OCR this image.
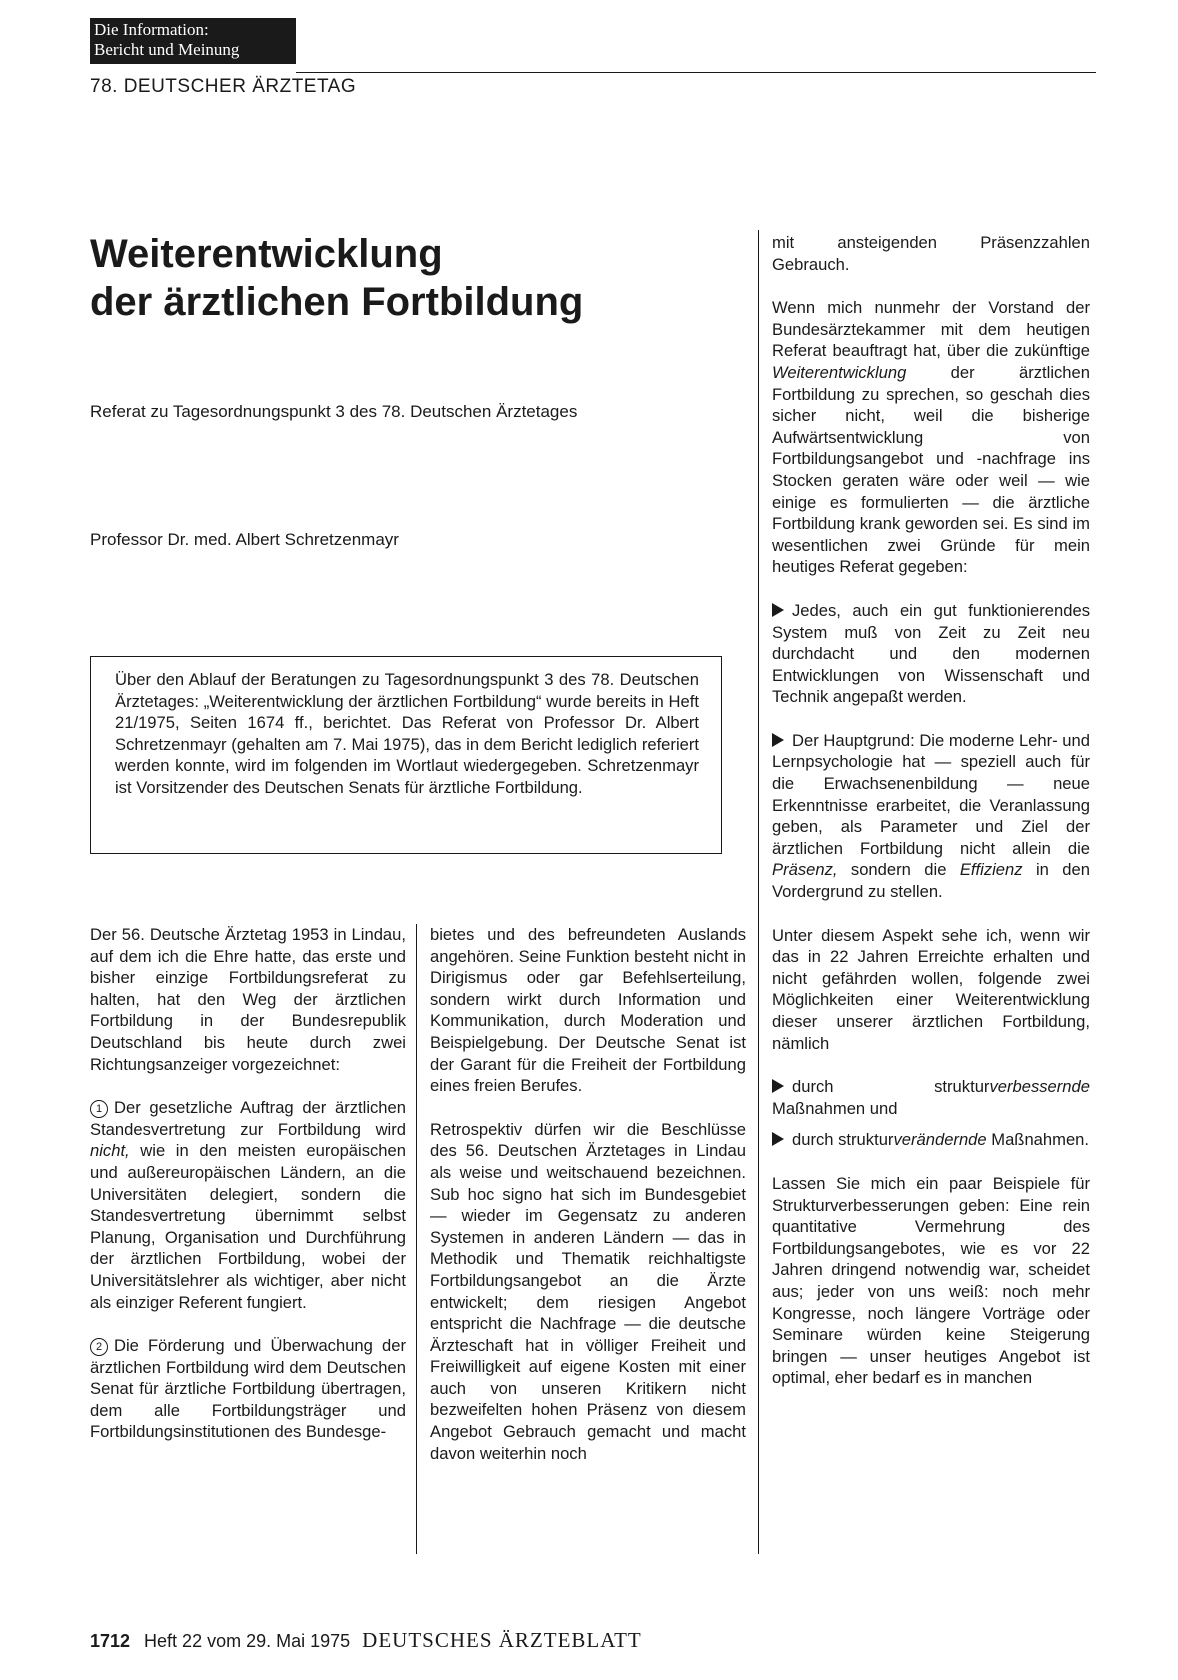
Die Information:
Bericht und Meinung
78. DEUTSCHER ÄRZTETAG
Weiterentwicklung
der ärztlichen Fortbildung
Referat zu Tagesordnungspunkt 3 des 78. Deutschen Ärztetages
Professor Dr. med. Albert Schretzenmayr

Über den Ablauf der Beratungen zu Tagesordnungspunkt 3 des 78. Deutschen Ärztetages: „Weiterentwicklung der ärztlichen Fortbildung“ wurde bereits in Heft 21/1975, Seiten 1674 ff., berichtet. Das Referat von Professor Dr. Albert Schretzenmayr (gehalten am 7. Mai 1975), das in dem Bericht lediglich referiert werden konnte, wird im folgenden im Wortlaut wiedergegeben. Schretzenmayr ist Vorsitzender des Deutschen Senats für ärztliche Fortbildung.

Der 56. Deutsche Ärztetag 1953 in Lindau, auf dem ich die Ehre hatte, das erste und bisher einzige Fortbildungsreferat zu halten, hat den Weg der ärztlichen Fortbildung in der Bundesrepublik Deutschland bis heute durch zwei Richtungsanzeiger vorgezeichnet:

1 Der gesetzliche Auftrag der ärztlichen Standesvertretung zur Fortbildung wird nicht, wie in den meisten europäischen und außereuropäischen Ländern, an die Universitäten delegiert, sondern die Standesvertretung übernimmt selbst Planung, Organisation und Durchführung der ärztlichen Fortbildung, wobei der Universitätslehrer als wichtiger, aber nicht als einziger Referent fungiert.

2 Die Förderung und Überwachung der ärztlichen Fortbildung wird dem Deutschen Senat für ärztliche Fortbildung übertragen, dem alle Fortbildungsträger und Fortbildungsinstitutionen des Bundesge-

bietes und des befreundeten Auslands angehören. Seine Funktion besteht nicht in Dirigismus oder gar Befehlserteilung, sondern wirkt durch Information und Kommunikation, durch Moderation und Beispielgebung. Der Deutsche Senat ist der Garant für die Freiheit der Fortbildung eines freien Berufes.

Retrospektiv dürfen wir die Beschlüsse des 56. Deutschen Ärztetages in Lindau als weise und weitschauend bezeichnen. Sub hoc signo hat sich im Bundesgebiet — wieder im Gegensatz zu anderen Systemen in anderen Ländern — das in Methodik und Thematik reichhaltigste Fortbildungsangebot an die Ärzte entwickelt; dem riesigen Angebot entspricht die Nachfrage — die deutsche Ärzteschaft hat in völliger Freiheit und Freiwilligkeit auf eigene Kosten mit einer auch von unseren Kritikern nicht bezweifelten hohen Präsenz von diesem Angebot Gebrauch gemacht und macht davon weiterhin noch

mit ansteigenden Präsenzzahlen Gebrauch.

Wenn mich nunmehr der Vorstand der Bundesärztekammer mit dem heutigen Referat beauftragt hat, über die zukünftige Weiterentwicklung der ärztlichen Fortbildung zu sprechen, so geschah dies sicher nicht, weil die bisherige Aufwärtsentwicklung von Fortbildungsangebot und -nachfrage ins Stocken geraten wäre oder weil — wie einige es formulierten — die ärztliche Fortbildung krank geworden sei. Es sind im wesentlichen zwei Gründe für mein heutiges Referat gegeben:

Jedes, auch ein gut funktionierendes System muß von Zeit zu Zeit neu durchdacht und den modernen Entwicklungen von Wissenschaft und Technik angepaßt werden.

Der Hauptgrund: Die moderne Lehr- und Lernpsychologie hat — speziell auch für die Erwachsenenbildung — neue Erkenntnisse erarbeitet, die Veranlassung geben, als Parameter und Ziel der ärztlichen Fortbildung nicht allein die Präsenz, sondern die Effizienz in den Vordergrund zu stellen.

Unter diesem Aspekt sehe ich, wenn wir das in 22 Jahren Erreichte erhalten und nicht gefährden wollen, folgende zwei Möglichkeiten einer Weiterentwicklung dieser unserer ärztlichen Fortbildung, nämlich

durch strukturverbessernde Maßnahmen und

durch strukturverändernde Maßnahmen.

Lassen Sie mich ein paar Beispiele für Strukturverbesserungen geben: Eine rein quantitative Vermehrung des Fortbildungsangebotes, wie es vor 22 Jahren dringend notwendig war, scheidet aus; jeder von uns weiß: noch mehr Kongresse, noch längere Vorträge oder Seminare würden keine Steigerung bringen — unser heutiges Angebot ist optimal, eher bedarf es in manchen

1712 Heft 22 vom 29. Mai 1975 DEUTSCHES ÄRZTEBLATT
